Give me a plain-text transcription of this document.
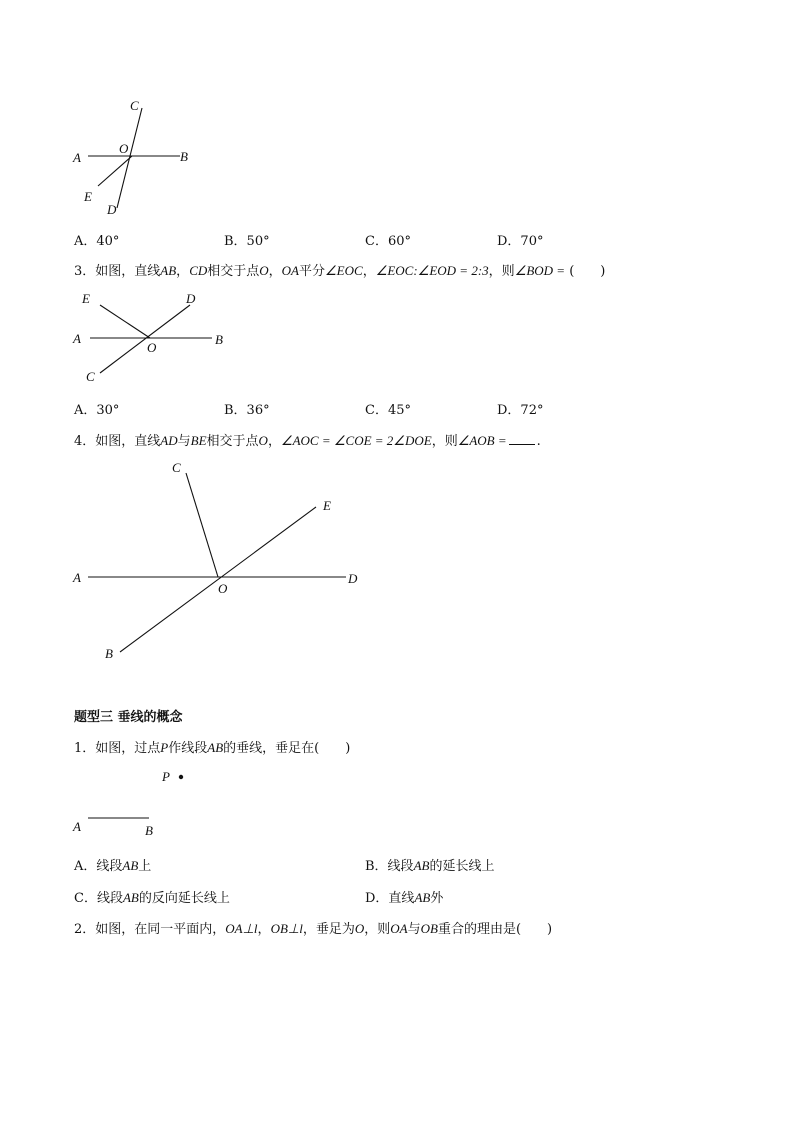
C
O
A	B
E
D
A．40°	B．50°	C．60°	D．70°
3．如图，直线AB，CD相交于点O，OA平分∠EOC，∠EOC:∠EOD = 2:3，则∠BOD = (　　)
E	D
A
O
B
C
A．30°	B．36°	C．45°	D．72°
4．如图，直线AD与BE相交于点O，∠AOC = ∠COE = 2∠DOE，则∠AOB = .
C
E
A
O
D
B
题型三 垂线的概念
1．如图，过点P作线段AB的垂线，垂足在(　　)
P
A	B
A．线段AB上	B．线段AB的延长线上
C．线段AB的反向延长线上	D．直线AB外
2．如图，在同一平面内，OA⊥l，OB⊥l，垂足为O，则OA与OB重合的理由是(　　)
